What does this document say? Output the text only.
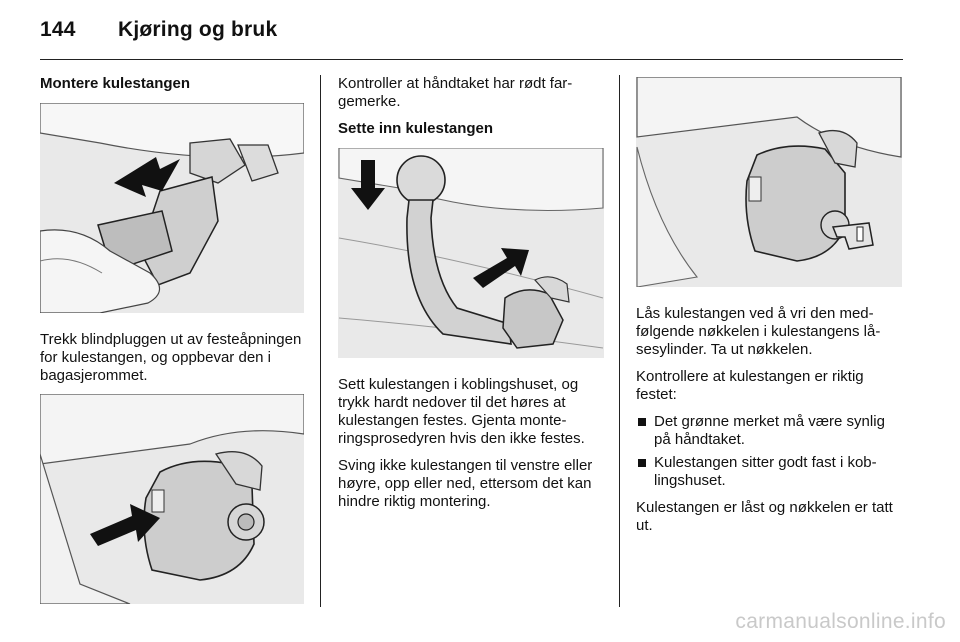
144 Kjøring og bruk
Montere kulestangen

Trekk blindpluggen ut av festeåpningen for kulestangen, og oppbevar den i bagasjerommet.

Kontroller at håndtaket har rødt fargemerke.

Sette inn kulestangen

Sett kulestangen i koblingshuset, og trykk hardt nedover til det høres at kulestangen festes. Gjenta monteringsprosedyren hvis den ikke festes.

Sving ikke kulestangen til venstre eller høyre, opp eller ned, ettersom det kan hindre riktig montering.

Lås kulestangen ved å vri den medfølgende nøkkelen i kulestangens låsesylinder. Ta ut nøkkelen.

Kontrollere at kulestangen er riktig festet:

Det grønne merket må være synlig på håndtaket.
Kulestangen sitter godt fast i koblingshuset.

Kulestangen er låst og nøkkelen er tatt ut.

carmanualsonline.info
